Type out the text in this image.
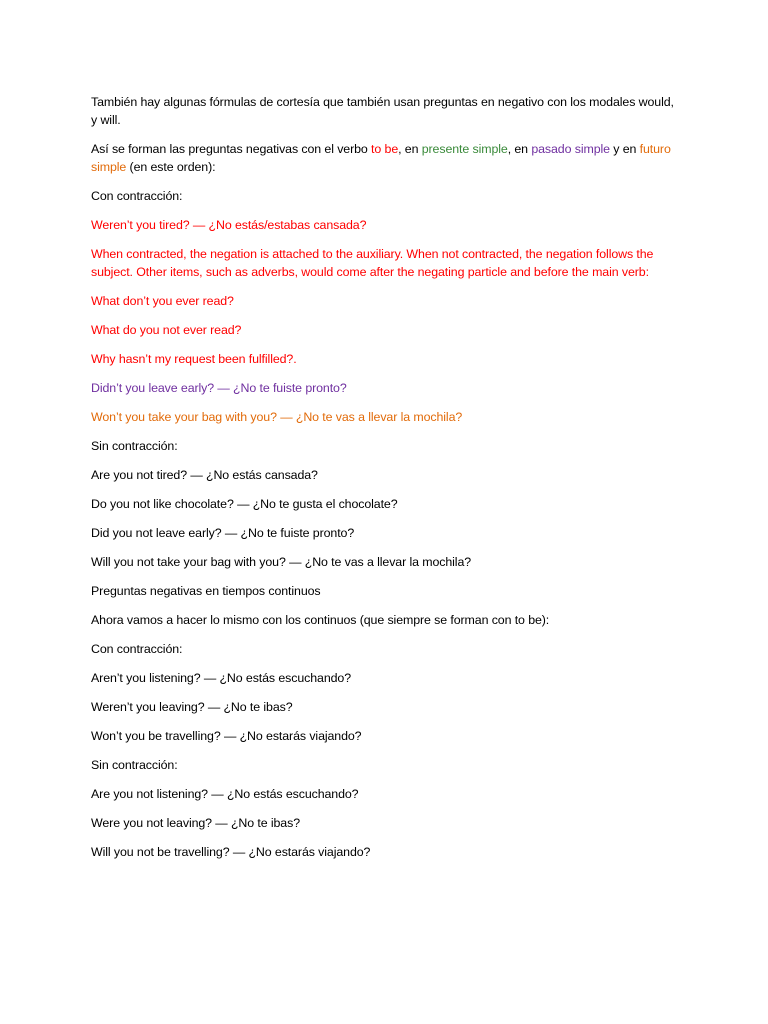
También hay algunas fórmulas de cortesía que también usan preguntas en negativo con los modales would, y will.

Así se forman las preguntas negativas con el verbo to be, en presente simple, en pasado simple y en futuro simple (en este orden):

Con contracción:

Weren’t you tired? — ¿No estás/estabas cansada?

When contracted, the negation is attached to the auxiliary. When not contracted, the negation follows the subject. Other items, such as adverbs, would come after the negating particle and before the main verb:

What don’t you ever read?

What do you not ever read?

Why hasn’t my request been fulfilled?.

Didn’t you leave early? — ¿No te fuiste pronto?

Won’t you take your bag with you? — ¿No te vas a llevar la mochila?

Sin contracción:

Are you not tired? — ¿No estás cansada?

Do you not like chocolate? — ¿No te gusta el chocolate?

Did you not leave early? — ¿No te fuiste pronto?

Will you not take your bag with you? — ¿No te vas a llevar la mochila?

Preguntas negativas en tiempos continuos

Ahora vamos a hacer lo mismo con los continuos (que siempre se forman con to be):

Con contracción:

Aren’t you listening? — ¿No estás escuchando?

Weren’t you leaving? — ¿No te ibas?

Won’t you be travelling? — ¿No estarás viajando?

Sin contracción:

Are you not listening? — ¿No estás escuchando?

Were you not leaving? — ¿No te ibas?

Will you not be travelling? — ¿No estarás viajando?
